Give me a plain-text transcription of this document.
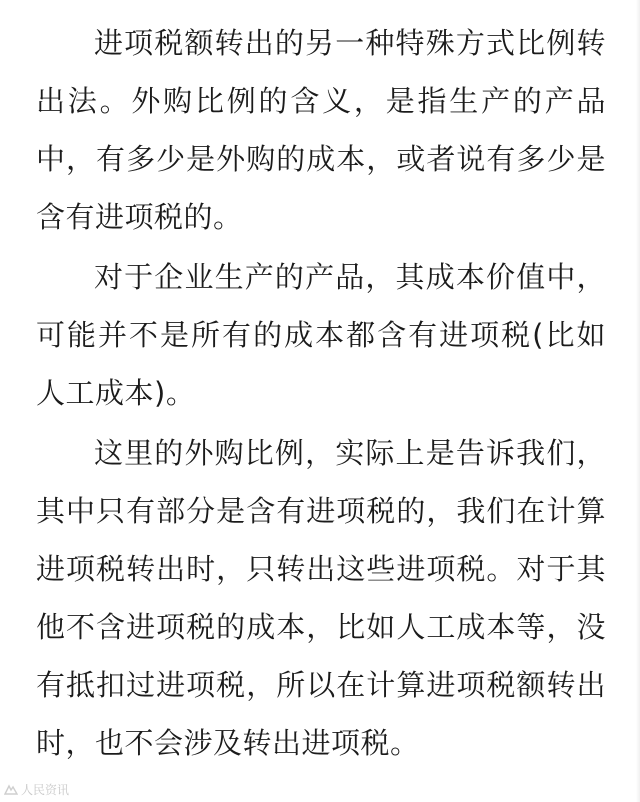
进项税额转出的另一种特殊方式比例转出法。外购比例的含义，是指生产的产品中，有多少是外购的成本，或者说有多少是含有进项税的。

对于企业生产的产品，其成本价值中，可能并不是所有的成本都含有进项税(比如人工成本)。

这里的外购比例，实际上是告诉我们，其中只有部分是含有进项税的，我们在计算进项税转出时，只转出这些进项税。对于其他不含进项税的成本，比如人工成本等，没有抵扣过进项税，所以在计算进项税额转出时，也不会涉及转出进项税。

人民资讯
